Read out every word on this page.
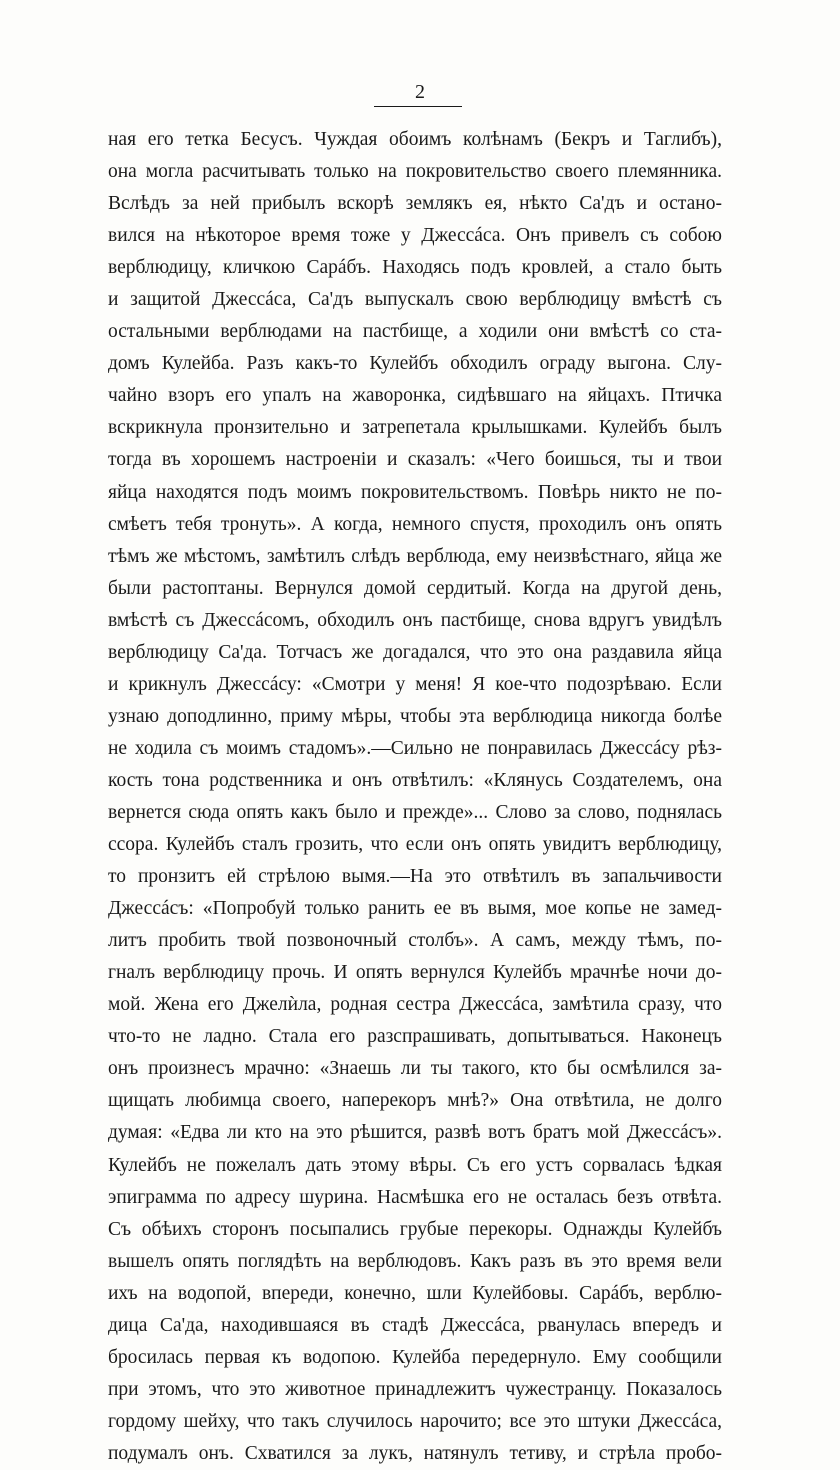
2
ная его тетка Бесусъ. Чуждая обоимъ колѣнамъ (Бекръ и Таглибъ),
она могла расчитывать только на покровительство своего племянника.
Вслѣдъ за ней прибылъ вскорѣ землякъ ея, нѣкто Са'дъ и остано-
вился на нѣкоторое время тоже у Джессáса. Онъ привелъ съ собою
верблюдицу, кличкою Сарáбъ. Находясь подъ кровлей, а стало быть
и защитой Джессáса, Са'дъ выпускалъ свою верблюдицу вмѣстѣ съ
остальными верблюдами на пастбище, а ходили они вмѣстѣ со ста-
домъ Кулейба. Разъ какъ-то Кулейбъ обходилъ ограду выгона. Слу-
чайно взоръ его упалъ на жаворонка, сидѣвшаго на яйцахъ. Птичка
вскрикнула пронзительно и затрепетала крылышками. Кулейбъ былъ
тогда въ хорошемъ настроеніи и сказалъ: «Чего боишься, ты и твои
яйца находятся подъ моимъ покровительствомъ. Повѣрь никто не по-
смѣетъ тебя тронуть». А когда, немного спустя, проходилъ онъ опять
тѣмъ же мѣстомъ, замѣтилъ слѣдъ верблюда, ему неизвѣстнаго, яйца же
были растоптаны. Вернулся домой сердитый. Когда на другой день,
вмѣстѣ съ Джессáсомъ, обходилъ онъ пастбище, снова вдругъ увидѣлъ
верблюдицу Са'да. Тотчасъ же догадался, что это она раздавила яйца
и крикнулъ Джессáсу: «Смотри у меня! Я кое-что подозрѣваю. Если
узнаю доподлинно, приму мѣры, чтобы эта верблюдица никогда болѣе
не ходила съ моимъ стадомъ».—Сильно не понравилась Джессáсу рѣз-
кость тона родственника и онъ отвѣтилъ: «Клянусь Создателемъ, она
вернется сюда опять какъ было и прежде»... Слово за слово, поднялась
ссора. Кулейбъ сталъ грозить, что если онъ опять увидитъ верблюдицу,
то пронзитъ ей стрѣлою вымя.—На это отвѣтилъ въ запальчивости
Джессáсъ: «Попробуй только ранить ее въ вымя, мое копье не замед-
литъ пробить твой позвоночный столбъ». А самъ, между тѣмъ, по-
гналъ верблюдицу прочь. И опять вернулся Кулейбъ мрачнѣе ночи до-
мой. Жена его Джелѝла, родная сестра Джессáса, замѣтила сразу, что
что-то не ладно. Стала его разспрашивать, допытываться. Наконецъ
онъ произнесъ мрачно: «Знаешь ли ты такого, кто бы осмѣлился за-
щищать любимца своего, наперекоръ мнѣ?» Она отвѣтила, не долго
думая: «Едва ли кто на это рѣшится, развѣ вотъ братъ мой Джессáсъ».
Кулейбъ не пожелалъ дать этому вѣры. Съ его устъ сорвалась ѣдкая
эпиграмма по адресу шурина. Насмѣшка его не осталась безъ отвѣта.
Съ обѣихъ сторонъ посыпались грубые перекоры. Однажды Кулейбъ
вышелъ опять поглядѣть на верблюдовъ. Какъ разъ въ это время вели
ихъ на водопой, впереди, конечно, шли Кулейбовы. Сарáбъ, верблю-
дица Са'да, находившаяся въ стадѣ Джессáса, рванулась впередъ и
бросилась первая къ водопою. Кулейба передернуло. Ему сообщили
при этомъ, что это животное принадлежитъ чужестранцу. Показалось
гордому шейху, что такъ случилось нарочито; все это штуки Джессáса,
подумалъ онъ. Схватился за лукъ, натянулъ тетиву, и стрѣла пробо-
